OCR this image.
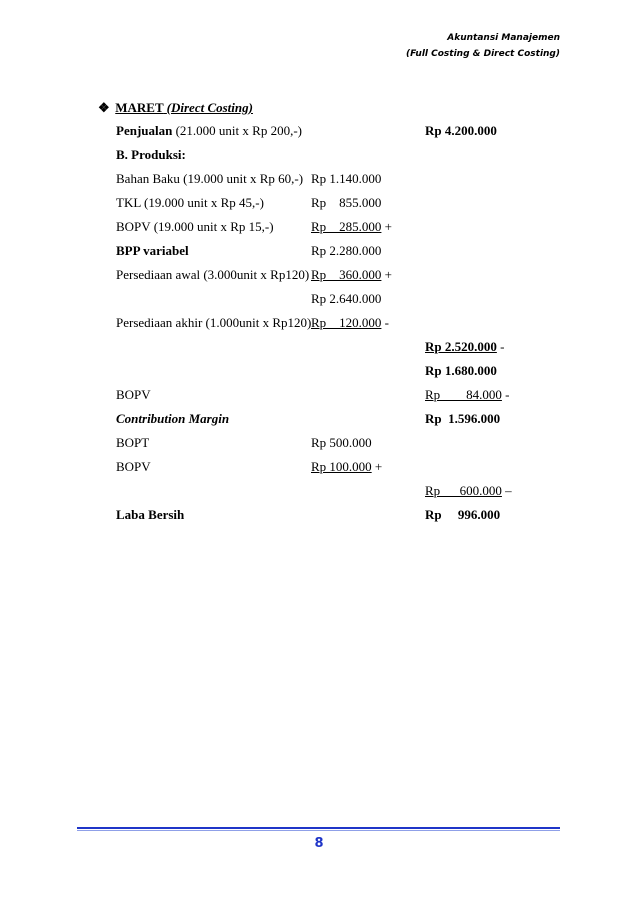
Akuntansi Manajemen
(Full Costing & Direct Costing)
❖ MARET (Direct Costing)
Penjualan (21.000 unit x Rp 200,-)	Rp 4.200.000
B. Produksi:
Bahan Baku (19.000 unit x Rp 60,-) Rp 1.140.000
TKL (19.000 unit x Rp 45,-)	Rp    855.000
BOPV (19.000 unit x Rp 15,-)	Rp    285.000 +
BPP variabel	Rp 2.280.000
Persediaan awal (3.000unit x Rp120) Rp    360.000 +
Rp 2.640.000
Persediaan akhir (1.000unit x Rp120) Rp    120.000 -
Rp 2.520.000 -
Rp 1.680.000
BOPV	Rp        84.000 -
Contribution Margin	Rp  1.596.000
BOPT	Rp 500.000
BOPV	Rp 100.000 +
Rp      600.000 –
Laba Bersih	Rp     996.000
8
